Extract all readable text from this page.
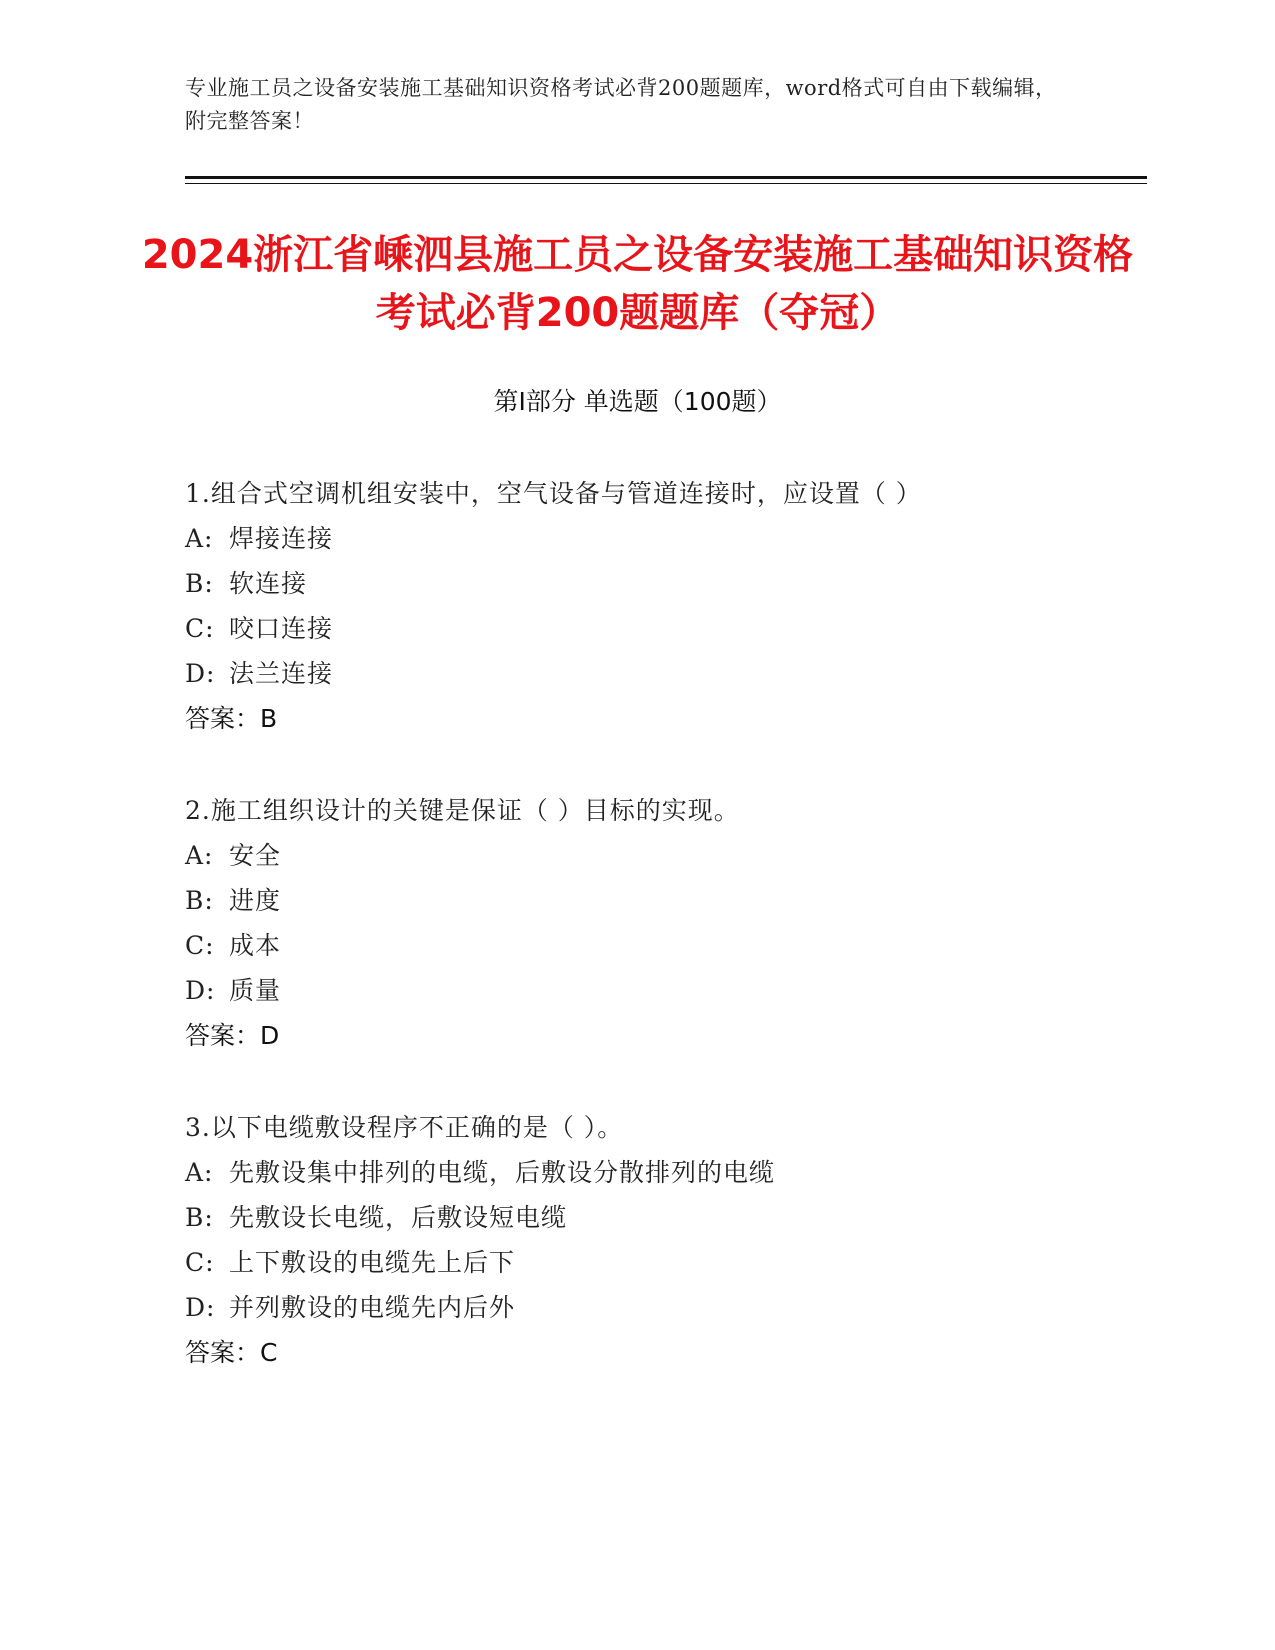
专业施工员之设备安装施工基础知识资格考试必背200题题库，word格式可自由下载编辑，附完整答案！
2024浙江省嵊泗县施工员之设备安装施工基础知识资格考试必背200题题库（夺冠）
第I部分 单选题（100题）
1.组合式空调机组安装中，空气设备与管道连接时，应设置（ ）
A: 焊接连接
B: 软连接
C: 咬口连接
D: 法兰连接
答案：B
2.施工组织设计的关键是保证（ ）目标的实现。
A: 安全
B: 进度
C: 成本
D: 质量
答案：D
3.以下电缆敷设程序不正确的是（ ）。
A: 先敷设集中排列的电缆，后敷设分散排列的电缆
B: 先敷设长电缆，后敷设短电缆
C: 上下敷设的电缆先上后下
D: 并列敷设的电缆先内后外
答案：C
